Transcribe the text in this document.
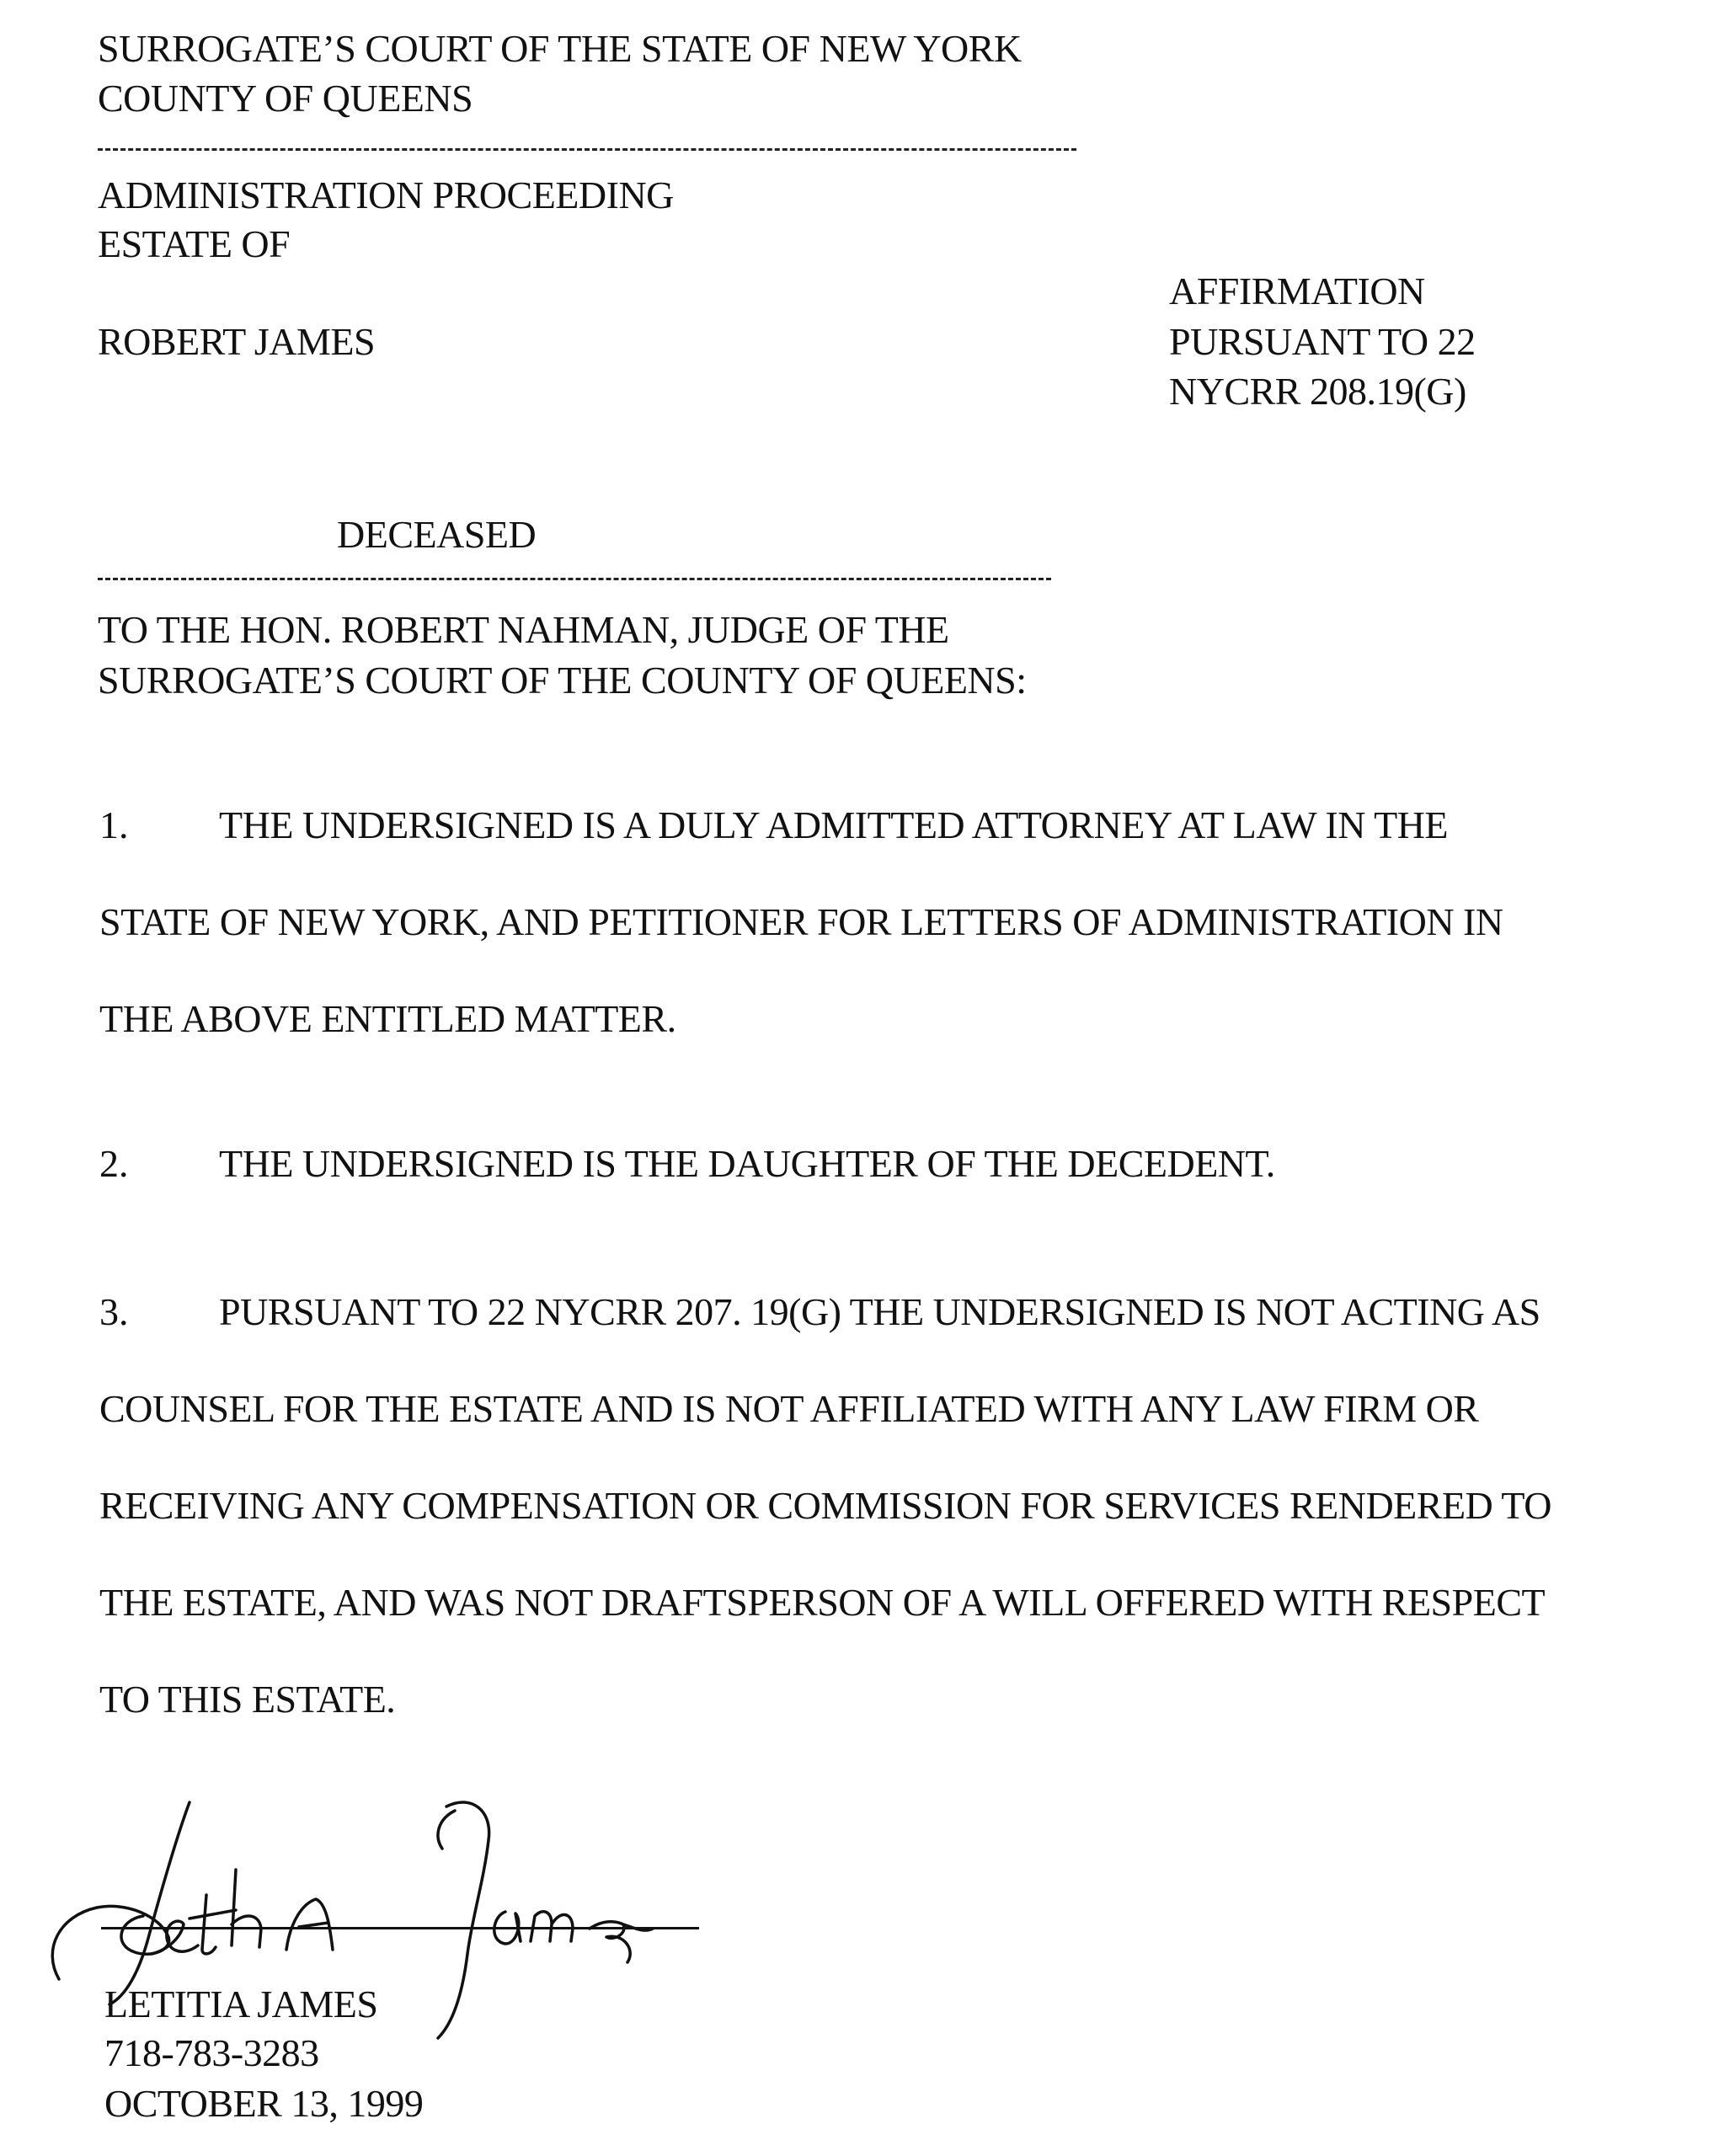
SURROGATE’S COURT OF THE STATE OF NEW YORK
COUNTY OF QUEENS
ADMINISTRATION PROCEEDING
ESTATE OF
ROBERT JAMES
AFFIRMATION
PURSUANT TO 22
NYCRR 208.19(G)
DECEASED
TO THE HON. ROBERT NAHMAN, JUDGE OF THE
SURROGATE’S COURT OF THE COUNTY OF QUEENS:
1. THE UNDERSIGNED IS A DULY ADMITTED ATTORNEY AT LAW IN THE
STATE OF NEW YORK, AND PETITIONER FOR LETTERS OF ADMINISTRATION IN
THE ABOVE ENTITLED MATTER.
2. THE UNDERSIGNED IS THE DAUGHTER OF THE DECEDENT.
3. PURSUANT TO 22 NYCRR 207. 19(G) THE UNDERSIGNED IS NOT ACTING AS
COUNSEL FOR THE ESTATE AND IS NOT AFFILIATED WITH ANY LAW FIRM OR
RECEIVING ANY COMPENSATION OR COMMISSION FOR SERVICES RENDERED TO
THE ESTATE, AND WAS NOT DRAFTSPERSON OF A WILL OFFERED WITH RESPECT
TO THIS ESTATE.
LETITIA JAMES
718-783-3283
OCTOBER 13, 1999
